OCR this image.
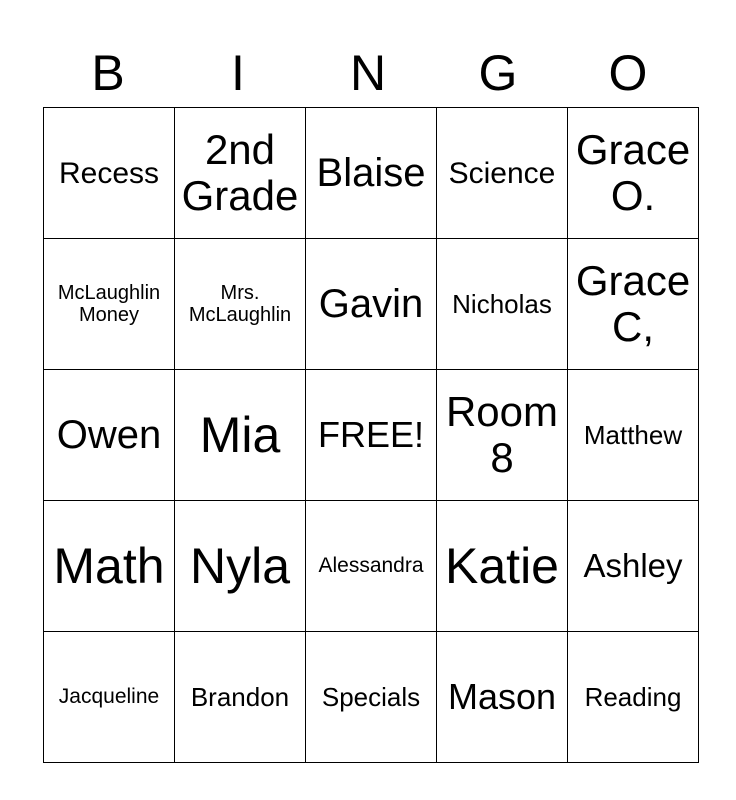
B	I	N	G	O
Recess	2nd Grade	Blaise	Science	Grace O.
McLaughlin Money	Mrs. McLaughlin	Gavin	Nicholas	Grace C,
Owen	Mia	FREE!	Room 8	Matthew
Math	Nyla	Alessandra	Katie	Ashley
Jacqueline	Brandon	Specials	Mason	Reading
